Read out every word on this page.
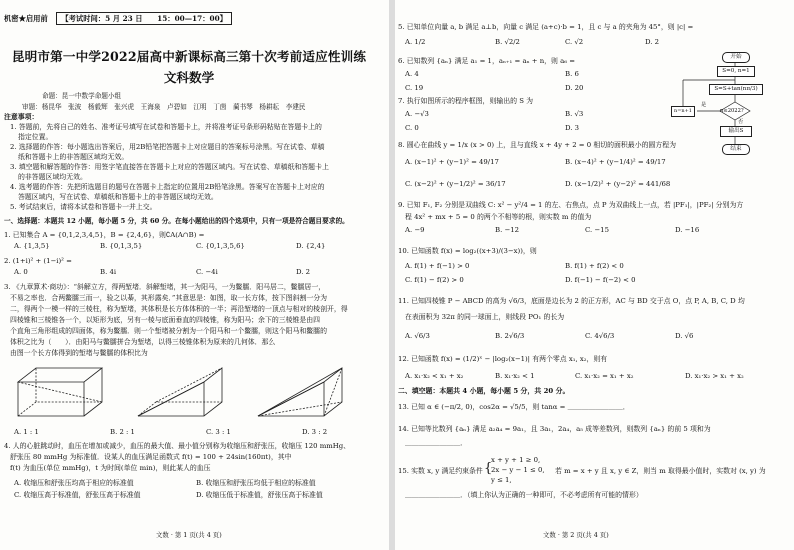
机密★启用前 【考试时间：5 月 23 日　　15：00—17：00】
昆明市第一中学2022届高中新课标高三第十次考前适应性训练
文科数学
命题：昆一中数学命题小组
审题：杨昆华　张波　杨毅辉　张兴虎　王海泉　卢碧如　江明　丁茵　蔺书琴　杨耕耘　李建民
注意事项：
1. 答题前，先将自己的姓名、准考证号填写在试卷和答题卡上，并将准考证号条形码粘贴在答题卡上的
指定位置。
2. 选择题的作答：每小题选出答案后，用2B铅笔把答题卡上对应题目的答案标号涂黑。写在试卷、草稿
纸和答题卡上的非答题区域均无效。
3. 填空题和解答题的作答：用签字笔直接答在答题卡上对应的答题区域内。写在试卷、草稿纸和答题卡上
的非答题区域均无效。
4. 选考题的作答：先把所选题目的题号在答题卡上指定的位置用2B铅笔涂黑。答案写在答题卡上对应的
答题区域内，写在试卷、草稿纸和答题卡上的非答题区域均无效。
5. 考试结束后，请将本试卷和答题卡一并上交。
一、选择题：本题共 12 小题，每小题 5 分，共 60 分。在每小题给出的四个选项中，只有一项是符合题目要求的。
1. 已知集合 A = {0,1,2,3,4,5}，B = {2,4,6}，则∁A(A∩B) =
A. {1,3,5}	B. {0,1,3,5}	C. {0,1,3,5,6}	D. {2,4}
2. (1+i)² + (1−i)² =
A. 0	B. 4i	C. −4i	D. 2
3. 《九章算术·商功》：“斜解立方，得两堑堵．斜解堑堵，其一为阳马，一为鳖臑．阳马居二，鳖臑居一，
不易之率也．合两鳖臑三而一，验之以棊，其形露矣．”其意思是：如图，取一长方体，按下图斜割一分为
二，得两个一模一样的三棱柱，称为堑堵，其体积是长方体体积的一半；再沿堑堵的一顶点与相对的棱剖开，得
四棱锥和三棱锥各一个，以矩形为底，另有一棱与底面垂直的四棱锥，称为阳马；余下的三棱锥是由四
个直角三角形组成的四面体，称为鳖臑．则一个堑堵被分割为一个阳马和一个鳖臑，则这个阳马和鳖臑的
体积之比为（　　）．由阳马与鳖臑拼合为堑堵，以得三棱锥体积为原来的几何体．那么
由图一个长方体得到的堑堵与鳖臑的体积比为
A. 1 : 1	B. 2 : 1	C. 3 : 1	D. 3 : 2
4. 人的心脏跳动时，血压在增加或减少，血压的最大值、最小值分别称为收缩压和舒张压，收缩压 120 mmHg、
舒张压 80 mmHg 为标准值．设某人的血压满足函数式 f(t) = 100 + 24sin(160πt)，其中
f(t) 为血压(单位 mmHg)，t 为时间(单位 min)，则此某人的血压
A. 收缩压和舒张压均高于相应的标准值	B. 收缩压和舒张压均低于相应的标准值
C. 收缩压高于标准值，舒张压高于标准值	D. 收缩压低于标准值，舒张压高于标准值
文数 · 第 1 页(共 4 页)
5. 已知单位向量 a, b 满足 a⊥b，向量 c 满足 (a+c)·b = 1，且 c 与 a 的夹角为 45°，则 |c| =
A. 1/2	B. √2/2	C. √2	D. 2
6. 已知数列 {aₙ} 满足 a₁ = 1，aₙ₊₁ = aₙ + n，则 a₆ =
A. 4	B. 6
C. 19	D. 20
7. 执行如图所示的程序框图，则输出的 S 为
A. −√3	B. √3
C. 0	D. 3
开始
S=0, n=1
S=S+tan(nπ/3)
n=n+1	n≤2022?
是
否
输出S
结束
8. 圆心在曲线 y = 1/x (x > 0) 上，且与直线 x + 4y + 2 = 0 相切的面积最小的圆方程为
A. (x−1)² + (y−1)² = 49/17	B. (x−4)² + (y−1/4)² = 49/17
C. (x−2)² + (y−1/2)² = 36/17	D. (x−1/2)² + (y−2)² = 441/68
9. 已知 F₁, F₂ 分别是双曲线 C: x² − y²/4 = 1 的左、右焦点，点 P 为双曲线上一点，若 |PF₁|，|PF₂| 分别为方
程 4x² + mx + 5 = 0 的两个不相等的根，则实数 m 的值为
A. −9	B. −12	C. −15	D. −16
10. 已知函数 f(x) = log₂((x+3)/(3−x))，则
A. f(1) + f(−1) > 0	B. f(1) + f(2) < 0
C. f(1) − f(2) > 0	D. f(−1) − f(−2) < 0
11. 已知四棱锥 P − ABCD 的高为 √6/3，底面是边长为 2 的正方形，AC 与 BD 交于点 O，点 P, A, B, C, D 均
在表面积为 32π 的同一球面上，则线段 PO₁ 的长为
A. √6/3	B. 2√6/3	C. 4√6/3	D. √6
12. 已知函数 f(x) = (1/2)ˣ − |log₂(x−1)| 有两个零点 x₁, x₂，则有
A. x₁·x₂ < x₁ + x₂	B. x₁·x₂ < 1	C. x₁·x₂ = x₁ + x₂	D. x₁·x₂ > x₁ + x₂
二、填空题：本题共 4 小题，每小题 5 分，共 20 分。
13. 已知 α ∈ (−π/2, 0)，cos2α = √5/5，则 tanα = ＿＿＿＿＿＿＿＿．
14. 已知等比数列 {aₙ} 满足 a₂a₄ = 9a₁，且 3a₁，2a₄，a₅ 成等差数列，则数列 {aₙ} 的前 5 项和为
＿＿＿＿＿＿＿＿．
15. 实数 x, y 满足约束条件 {
x + y + 1 ≥ 0,
2x − y − 1 ≤ 0,
y ≤ 1,
若 m = x + y 且 x, y ∈ Z，则当 m 取得最小值时，实数对 (x, y) 为
＿＿＿＿＿＿＿＿．（填上你认为正确的一种即可，不必考虑所有可能的情形）
文数 · 第 2 页(共 4 页)
